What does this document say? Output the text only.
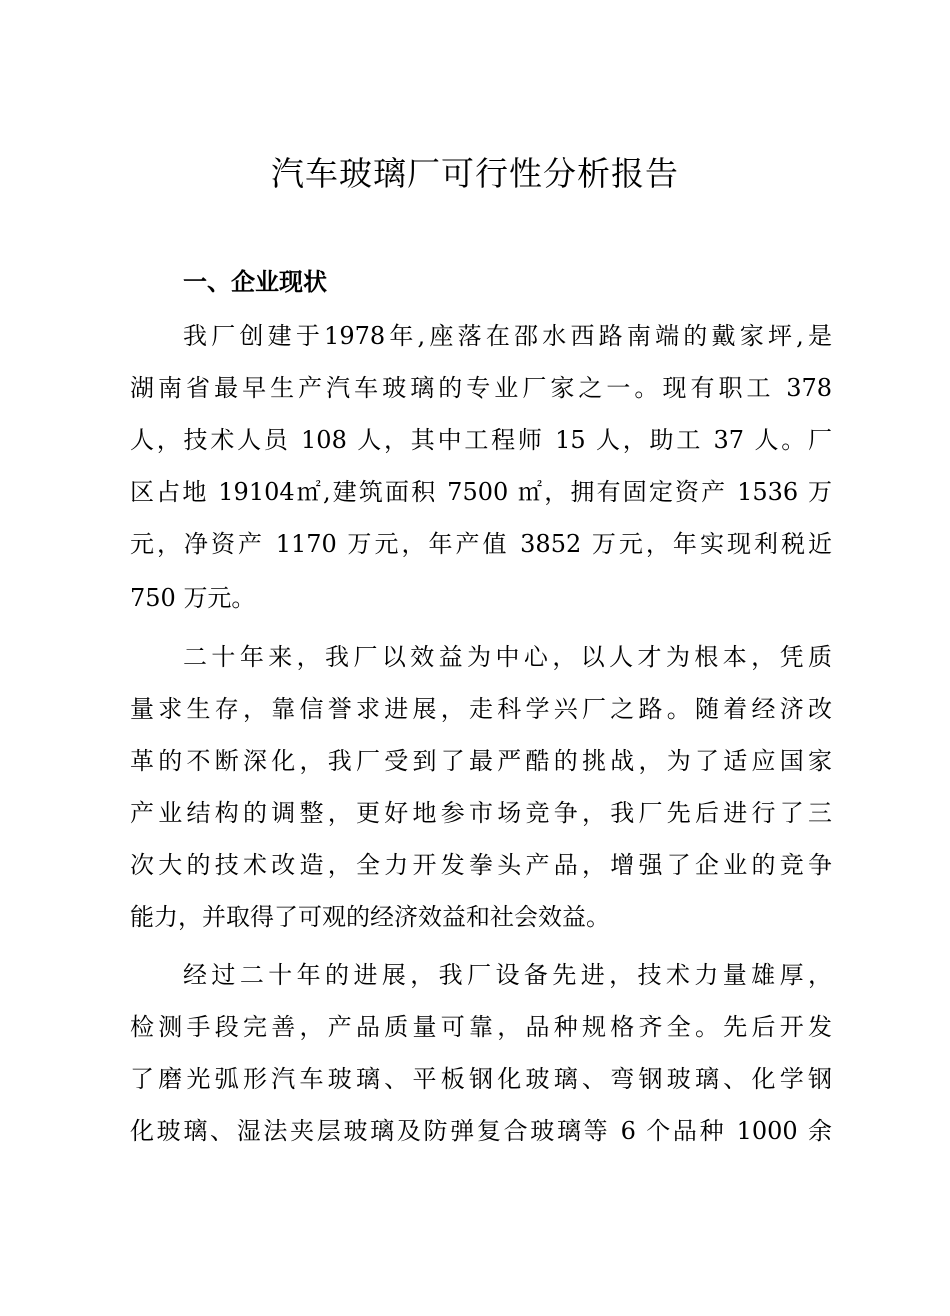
汽车玻璃厂可行性分析报告
一、企业现状
我厂创建于1978年,座落在邵水西路南端的戴家坪,是
湖南省最早生产汽车玻璃的专业厂家之一。现有职工 378
人，技术人员 108 人，其中工程师 15 人，助工 37 人。厂
区占地 19104㎡,建筑面积 7500 ㎡，拥有固定资产 1536 万
元，净资产 1170 万元，年产值 3852 万元，年实现利税近
750 万元。
二十年来，我厂以效益为中心，以人才为根本，凭质
量求生存，靠信誉求进展，走科学兴厂之路。随着经济改
革的不断深化，我厂受到了最严酷的挑战，为了适应国家
产业结构的调整，更好地参市场竞争，我厂先后进行了三
次大的技术改造，全力开发拳头产品，增强了企业的竞争
能力，并取得了可观的经济效益和社会效益。
经过二十年的进展，我厂设备先进，技术力量雄厚，
检测手段完善，产品质量可靠，品种规格齐全。先后开发
了磨光弧形汽车玻璃、平板钢化玻璃、弯钢玻璃、化学钢
化玻璃、湿法夹层玻璃及防弹复合玻璃等 6 个品种 1000 余
